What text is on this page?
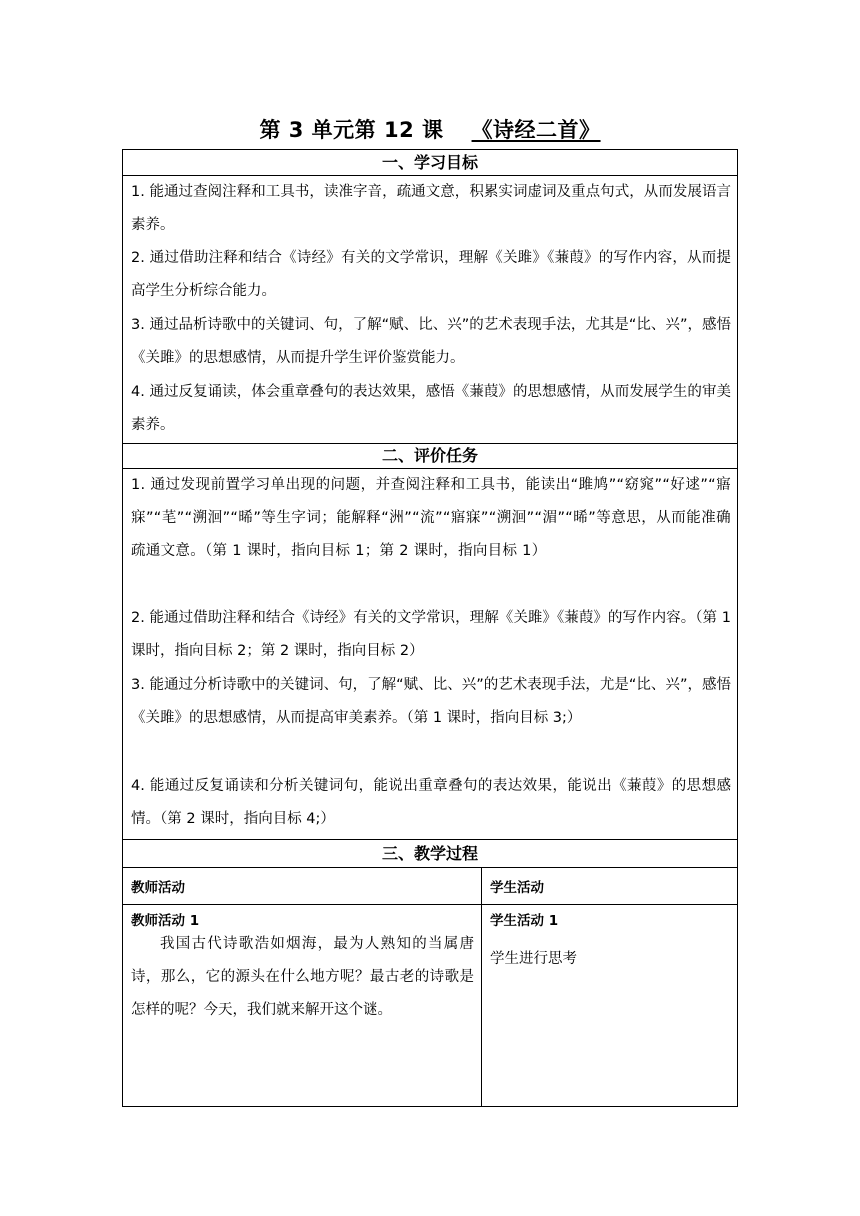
第 3 单元第 12 课 《诗经二首》
一、学习目标
1. 能通过查阅注释和工具书，读准字音，疏通文意，积累实词虚词及重点句式，从而发展语言素养。
2. 通过借助注释和结合《诗经》有关的文学常识，理解《关雎》《蒹葭》的写作内容，从而提高学生分析综合能力。
3. 通过品析诗歌中的关键词、句，了解“赋、比、兴”的艺术表现手法，尤其是“比、兴”，感悟《关雎》的思想感情，从而提升学生评价鉴赏能力。
4. 通过反复诵读，体会重章叠句的表达效果，感悟《蒹葭》的思想感情，从而发展学生的审美素养。
二、评价任务
1. 通过发现前置学习单出现的问题，并查阅注释和工具书，能读出“雎鸠”“窈窕”“好逑”“寤寐”“芼”“溯洄”“晞”等生字词；能解释“洲”“流”“寤寐”“溯洄”“湄”“晞”等意思，从而能准确疏通文意。（第 1 课时，指向目标 1；第 2 课时，指向目标 1）
2. 能通过借助注释和结合《诗经》有关的文学常识，理解《关雎》《蒹葭》的写作内容。（第 1 课时，指向目标 2；第 2 课时，指向目标 2）
3. 能通过分析诗歌中的关键词、句，了解“赋、比、兴”的艺术表现手法，尤是“比、兴”，感悟《关雎》的思想感情，从而提高审美素养。（第 1 课时，指向目标 3;）
4. 能通过反复诵读和分析关键词句，能说出重章叠句的表达效果，能说出《蒹葭》的思想感情。（第 2 课时，指向目标 4;）
三、教学过程
教师活动	学生活动
教师活动 1
我国古代诗歌浩如烟海，最为人熟知的当属唐诗，那么，它的源头在什么地方呢？最古老的诗歌是怎样的呢？今天，我们就来解开这个谜。
学生活动 1
学生进行思考
